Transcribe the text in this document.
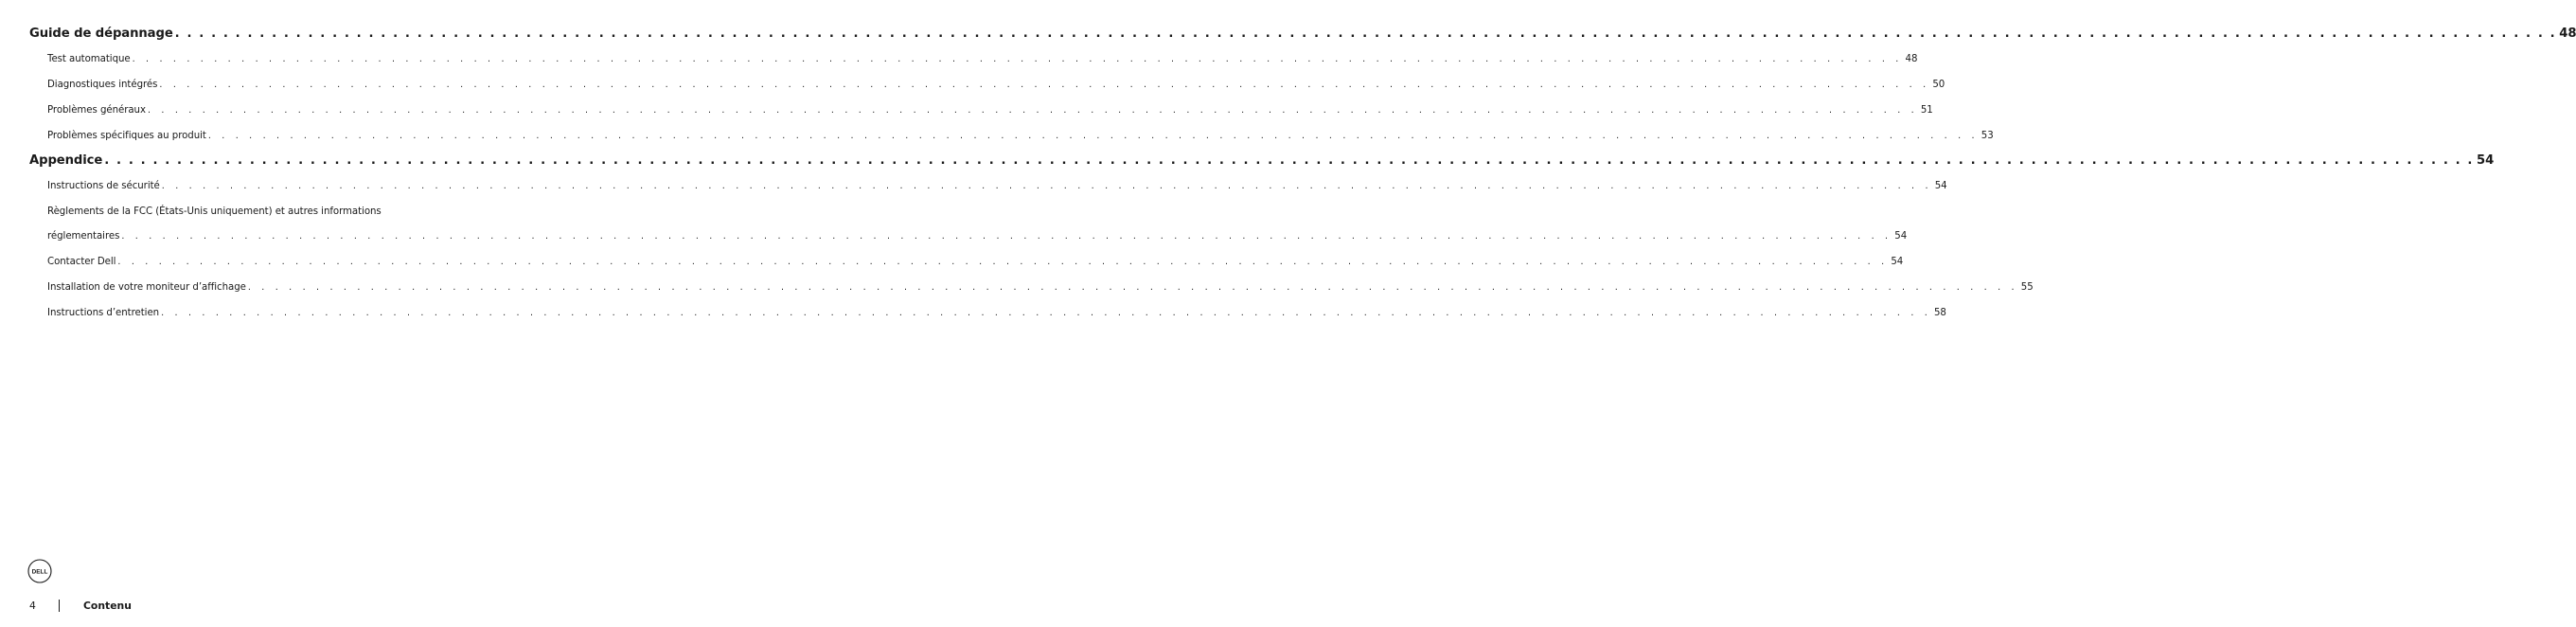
Guide de dépannage . . . . . . . . . . . . . . . . . . . . . . . . . . . . . . . . . . . . . . . . . . . . . . . . . . . . . . . . . . . . . . . . . . . . . . . . . . . . . . . . . . . . . . . . . . . . . . . . . . . . . . . . . . . . . . . . . . . . . . . . . . . . . . . . . . . . . . . . . . . . . . . . . . . . . . . . . . . . . . . . . . . . . . . . . . . . . . . . . . . . . . . . . . . . . . . . . . . . . 48
Test automatique . . . . . . . . . . . . . . . . . . . . . . . . . . . . . . . . . . . . . . . . . . . . . . . . . . . . . . . . . . . . . . . . . . . . . . . . . . . . . . . . . . . . . . . . . . . . . . . . . . . . . . . . . . . . . . . . . . . . . . . . . . . . . . . . . . 48
Diagnostiques intégrés . . . . . . . . . . . . . . . . . . . . . . . . . . . . . . . . . . . . . . . . . . . . . . . . . . . . . . . . . . . . . . . . . . . . . . . . . . . . . . . . . . . . . . . . . . . . . . . . . . . . . . . . . . . . . . . . . . . . . . . . . . . . . . . . . . 50
Problèmes généraux . . . . . . . . . . . . . . . . . . . . . . . . . . . . . . . . . . . . . . . . . . . . . . . . . . . . . . . . . . . . . . . . . . . . . . . . . . . . . . . . . . . . . . . . . . . . . . . . . . . . . . . . . . . . . . . . . . . . . . . . . . . . . . . . . . 51
Problèmes spécifiques au produit . . . . . . . . . . . . . . . . . . . . . . . . . . . . . . . . . . . . . . . . . . . . . . . . . . . . . . . . . . . . . . . . . . . . . . . . . . . . . . . . . . . . . . . . . . . . . . . . . . . . . . . . . . . . . . . . . . . . . . . . . . . . . . . . . . 53
Appendice . . . . . . . . . . . . . . . . . . . . . . . . . . . . . . . . . . . . . . . . . . . . . . . . . . . . . . . . . . . . . . . . . . . . . . . . . . . . . . . . . . . . . . . . . . . . . . . . . . . . . . . . . . . . . . . . . . . . . . . . . . . . . . . . . . . . . . . . . . . . . . . . . . . . . . . . . . . . . . . . . . . . . . . . . . . . . . . . . . . . . . . . . . . . . . . . . . . . 54
Instructions de sécurité . . . . . . . . . . . . . . . . . . . . . . . . . . . . . . . . . . . . . . . . . . . . . . . . . . . . . . . . . . . . . . . . . . . . . . . . . . . . . . . . . . . . . . . . . . . . . . . . . . . . . . . . . . . . . . . . . . . . . . . . . . . . . . . . . . 54
Règlements de la FCC (États-Unis uniquement) et autres informations
réglementaires . . . . . . . . . . . . . . . . . . . . . . . . . . . . . . . . . . . . . . . . . . . . . . . . . . . . . . . . . . . . . . . . . . . . . . . . . . . . . . . . . . . . . . . . . . . . . . . . . . . . . . . . . . . . . . . . . . . . . . . . . . . . . . . . . . 54
Contacter Dell . . . . . . . . . . . . . . . . . . . . . . . . . . . . . . . . . . . . . . . . . . . . . . . . . . . . . . . . . . . . . . . . . . . . . . . . . . . . . . . . . . . . . . . . . . . . . . . . . . . . . . . . . . . . . . . . . . . . . . . . . . . . . . . . . . 54
Installation de votre moniteur d’affichage . . . . . . . . . . . . . . . . . . . . . . . . . . . . . . . . . . . . . . . . . . . . . . . . . . . . . . . . . . . . . . . . . . . . . . . . . . . . . . . . . . . . . . . . . . . . . . . . . . . . . . . . . . . . . . . . . . . . . . . . . . . . . . . . . . 55
Instructions d’entretien . . . . . . . . . . . . . . . . . . . . . . . . . . . . . . . . . . . . . . . . . . . . . . . . . . . . . . . . . . . . . . . . . . . . . . . . . . . . . . . . . . . . . . . . . . . . . . . . . . . . . . . . . . . . . . . . . . . . . . . . . . . . . . . . . . 58
DELL
4	Contenu
